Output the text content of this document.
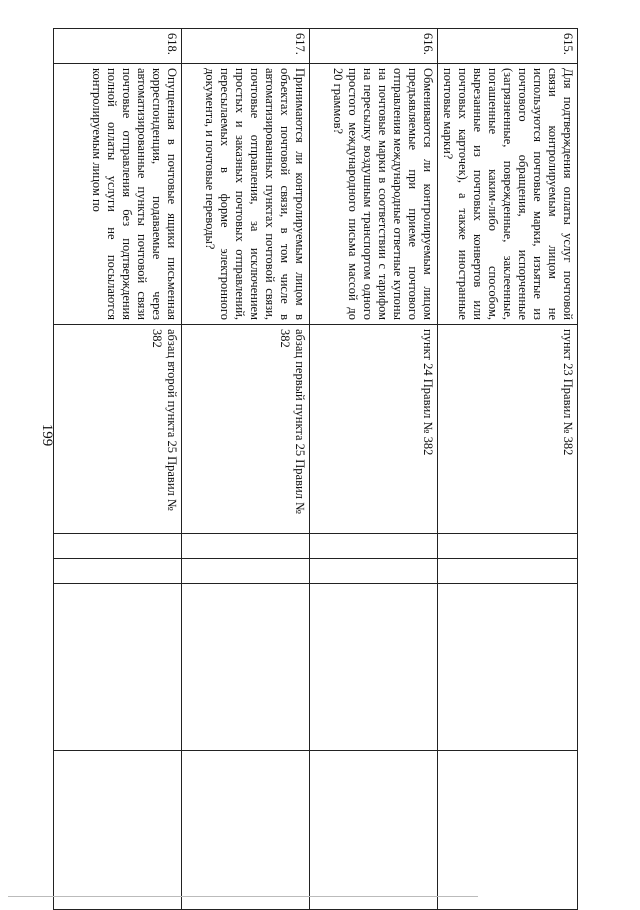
199
615.	Для подтверждения оплаты услуг почтовой связи контролируемым лицом не используются почтовые марки, изъятые из почтового обращения, испорченные (загрязненные, поврежденные, заклеенные, погашенные каким-либо способом, вырезанные из почтовых конвертов или почтовых карточек), а также иностранные почтовые марки?	пункт 23 Правил № 382				
616.	Обмениваются ли контролируемым лицом предъявляемые при приеме почтового отправления международные ответные купоны на почтовые марки в соответствии с тарифом на пересылку воздушным транспортом одного простого международного письма массой до 20 граммов?	пункт 24 Правил № 382				
617.	Принимаются ли контролируемым лицом в объектах почтовой связи, в том числе в автоматизированных пунктах почтовой связи, почтовые отправления, за исключением простых и заказных почтовых отправлений, пересылаемых в форме электронного документа, и почтовые переводы?	абзац первый пункта 25 Правил № 382				
618.	Опущенная в почтовые ящики письменная корреспонденция, подаваемые через автоматизированные пункты почтовой связи почтовые отправления без подтверждения полной оплаты услуги не посылаются контролируемым лицом по	абзац второй пункта 25 Правил № 382				
